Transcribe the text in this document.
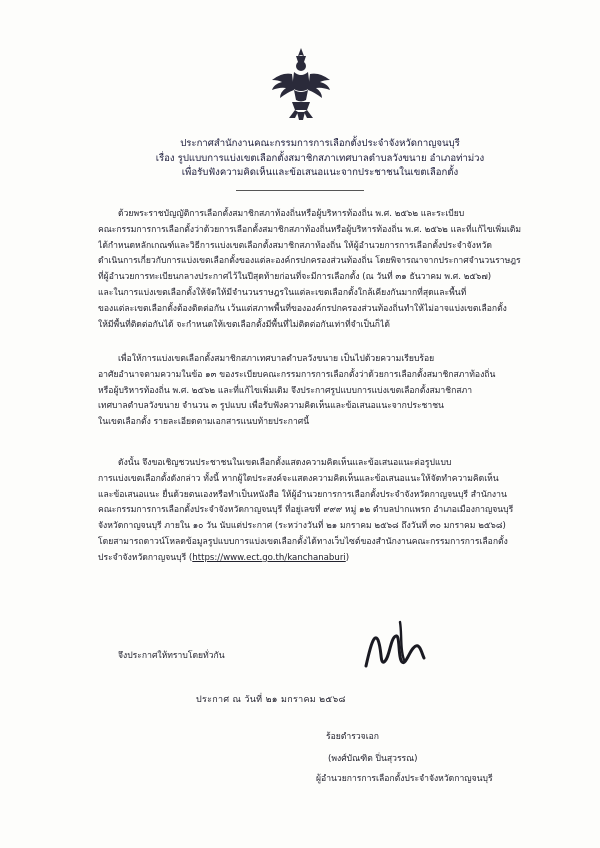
ประกาศสำนักงานคณะกรรมการการเลือกตั้งประจำจังหวัดกาญจนบุรี
เรื่อง รูปแบบการแบ่งเขตเลือกตั้งสมาชิกสภาเทศบาลตำบลวังขนาย อำเภอท่าม่วง
เพื่อรับฟังความคิดเห็นและข้อเสนอแนะจากประชาชนในเขตเลือกตั้ง
ด้วยพระราชบัญญัติการเลือกตั้งสมาชิกสภาท้องถิ่นหรือผู้บริหารท้องถิ่น พ.ศ. ๒๕๖๒ และระเบียบ
คณะกรรมการการเลือกตั้งว่าด้วยการเลือกตั้งสมาชิกสภาท้องถิ่นหรือผู้บริหารท้องถิ่น พ.ศ. ๒๕๖๒ และที่แก้ไขเพิ่มเติม
ได้กำหนดหลักเกณฑ์และวิธีการแบ่งเขตเลือกตั้งสมาชิกสภาท้องถิ่น ให้ผู้อำนวยการการเลือกตั้งประจำจังหวัด
ดำเนินการเกี่ยวกับการแบ่งเขตเลือกตั้งของแต่ละองค์กรปกครองส่วนท้องถิ่น โดยพิจารณาจากประกาศจำนวนราษฎร
ที่ผู้อำนวยการทะเบียนกลางประกาศไว้ในปีสุดท้ายก่อนที่จะมีการเลือกตั้ง (ณ วันที่ ๓๑ ธันวาคม พ.ศ. ๒๕๖๗)
และในการแบ่งเขตเลือกตั้งให้จัดให้มีจำนวนราษฎรในแต่ละเขตเลือกตั้งใกล้เคียงกันมากที่สุดและพื้นที่
ของแต่ละเขตเลือกตั้งต้องติดต่อกัน เว้นแต่สภาพพื้นที่ขององค์กรปกครองส่วนท้องถิ่นทำให้ไม่อาจแบ่งเขตเลือกตั้ง
ให้มีพื้นที่ติดต่อกันได้ จะกำหนดให้เขตเลือกตั้งมีพื้นที่ไม่ติดต่อกันเท่าที่จำเป็นก็ได้
เพื่อให้การแบ่งเขตเลือกตั้งสมาชิกสภาเทศบาลตำบลวังขนาย เป็นไปด้วยความเรียบร้อย
อาศัยอำนาจตามความในข้อ ๑๓ ของระเบียบคณะกรรมการการเลือกตั้งว่าด้วยการเลือกตั้งสมาชิกสภาท้องถิ่น
หรือผู้บริหารท้องถิ่น พ.ศ. ๒๕๖๒ และที่แก้ไขเพิ่มเติม จึงประกาศรูปแบบการแบ่งเขตเลือกตั้งสมาชิกสภา
เทศบาลตำบลวังขนาย จำนวน ๓ รูปแบบ เพื่อรับฟังความคิดเห็นและข้อเสนอแนะจากประชาชน
ในเขตเลือกตั้ง รายละเอียดตามเอกสารแนบท้ายประกาศนี้
ดังนั้น จึงขอเชิญชวนประชาชนในเขตเลือกตั้งแสดงความคิดเห็นและข้อเสนอแนะต่อรูปแบบ
การแบ่งเขตเลือกตั้งดังกล่าว ทั้งนี้ หากผู้ใดประสงค์จะแสดงความคิดเห็นและข้อเสนอแนะให้จัดทำความคิดเห็น
และข้อเสนอแนะ ยื่นด้วยตนเองหรือทำเป็นหนังสือ ให้ผู้อำนวยการการเลือกตั้งประจำจังหวัดกาญจนบุรี สำนักงาน
คณะกรรมการการเลือกตั้งประจำจังหวัดกาญจนบุรี ที่อยู่เลขที่ ๙๙๙ หมู่ ๑๒ ตำบลปากแพรก อำเภอเมืองกาญจนบุรี
จังหวัดกาญจนบุรี ภายใน ๑๐ วัน นับแต่ประกาศ (ระหว่างวันที่ ๒๑ มกราคม ๒๕๖๘ ถึงวันที่ ๓๐ มกราคม ๒๕๖๘)
โดยสามารถดาวน์โหลดข้อมูลรูปแบบการแบ่งเขตเลือกตั้งได้ทางเว็บไซต์ของสำนักงานคณะกรรมการการเลือกตั้ง
ประจำจังหวัดกาญจนบุรี (https://www.ect.go.th/kanchanaburi)
จึงประกาศให้ทราบโดยทั่วกัน
ประกาศ ณ วันที่ ๒๑ มกราคม ๒๕๖๘
ร้อยตำรวจเอก
(พงศ์บัณฑิต ปิ่นสุวรรณ)
ผู้อำนวยการการเลือกตั้งประจำจังหวัดกาญจนบุรี
